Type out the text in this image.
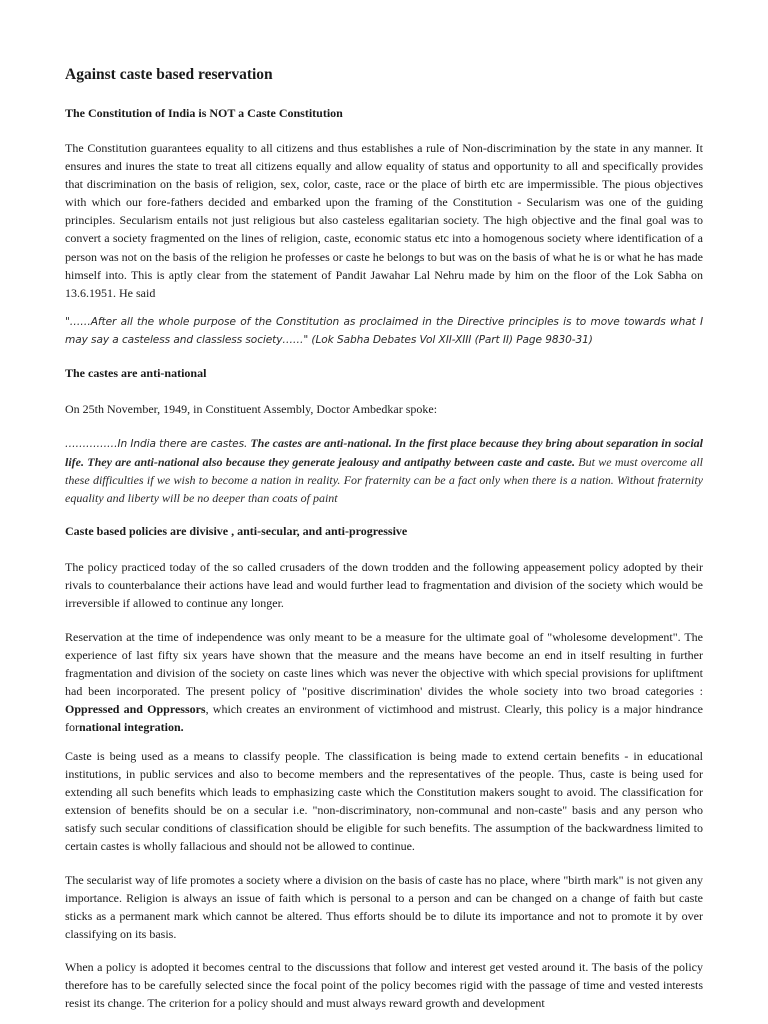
Against caste based reservation
The Constitution of India is NOT a Caste Constitution

The Constitution guarantees equality to all citizens and thus establishes a rule of Non-discrimination by the state in any manner. It ensures and inures the state to treat all citizens equally and allow equality of status and opportunity to all and specifically provides that discrimination on the basis of religion, sex, color, caste, race or the place of birth etc are impermissible. The pious objectives with which our fore-fathers decided and embarked upon the framing of the Constitution - Secularism was one of the guiding principles. Secularism entails not just religious but also casteless egalitarian society. The high objective and the final goal was to convert a society fragmented on the lines of religion, caste, economic status etc into a homogenous society where identification of a person was not on the basis of the religion he professes or caste he belongs to but was on the basis of what he is or what he has made himself into. This is aptly clear from the statement of Pandit Jawahar Lal Nehru made by him on the floor of the Lok Sabha on 13.6.1951. He said

"……After all the whole purpose of the Constitution as proclaimed in the Directive principles is to move towards what I may say a casteless and classless society……" (Lok Sabha Debates Vol XII-XIII (Part II) Page 9830-31)

The castes are anti-national

On 25th November, 1949, in Constituent Assembly, Doctor Ambedkar spoke:

……………In India there are castes. The castes are anti-national. In the first place because they bring about separation in social life. They are anti-national also because they generate jealousy and antipathy between caste and caste. But we must overcome all these difficulties if we wish to become a nation in reality. For fraternity can be a fact only when there is a nation. Without fraternity equality and liberty will be no deeper than coats of paint

Caste based policies are divisive , anti-secular, and anti-progressive

The policy practiced today of the so called crusaders of the down trodden and the following appeasement policy adopted by their rivals to counterbalance their actions have lead and would further lead to fragmentation and division of the society which would be irreversible if allowed to continue any longer.

Reservation at the time of independence was only meant to be a measure for the ultimate goal of "wholesome development". The experience of last fifty six years have shown that the measure and the means have become an end in itself resulting in further fragmentation and division of the society on caste lines which was never the objective with which special provisions for upliftment had been incorporated. The present policy of "positive discrimination' divides the whole society into two broad categories : Oppressed and Oppressors, which creates an environment of victimhood and mistrust. Clearly, this policy is a major hindrance fornational integration.

Caste is being used as a means to classify people. The classification is being made to extend certain benefits - in educational institutions, in public services and also to become members and the representatives of the people. Thus, caste is being used for extending all such benefits which leads to emphasizing caste which the Constitution makers sought to avoid. The classification for extension of benefits should be on a secular i.e. "non-discriminatory, non-communal and non-caste" basis and any person who satisfy such secular conditions of classification should be eligible for such benefits. The assumption of the backwardness limited to certain castes is wholly fallacious and should not be allowed to continue.

The secularist way of life promotes a society where a division on the basis of caste has no place, where "birth mark" is not given any importance. Religion is always an issue of faith which is personal to a person and can be changed on a change of faith but caste sticks as a permanent mark which cannot be altered. Thus efforts should be to dilute its importance and not to promote it by over classifying on its basis.

When a policy is adopted it becomes central to the discussions that follow and interest get vested around it. The basis of the policy therefore has to be carefully selected since the focal point of the policy becomes rigid with the passage of time and vested interests resist its change. The criterion for a policy should and must always reward growth and development
